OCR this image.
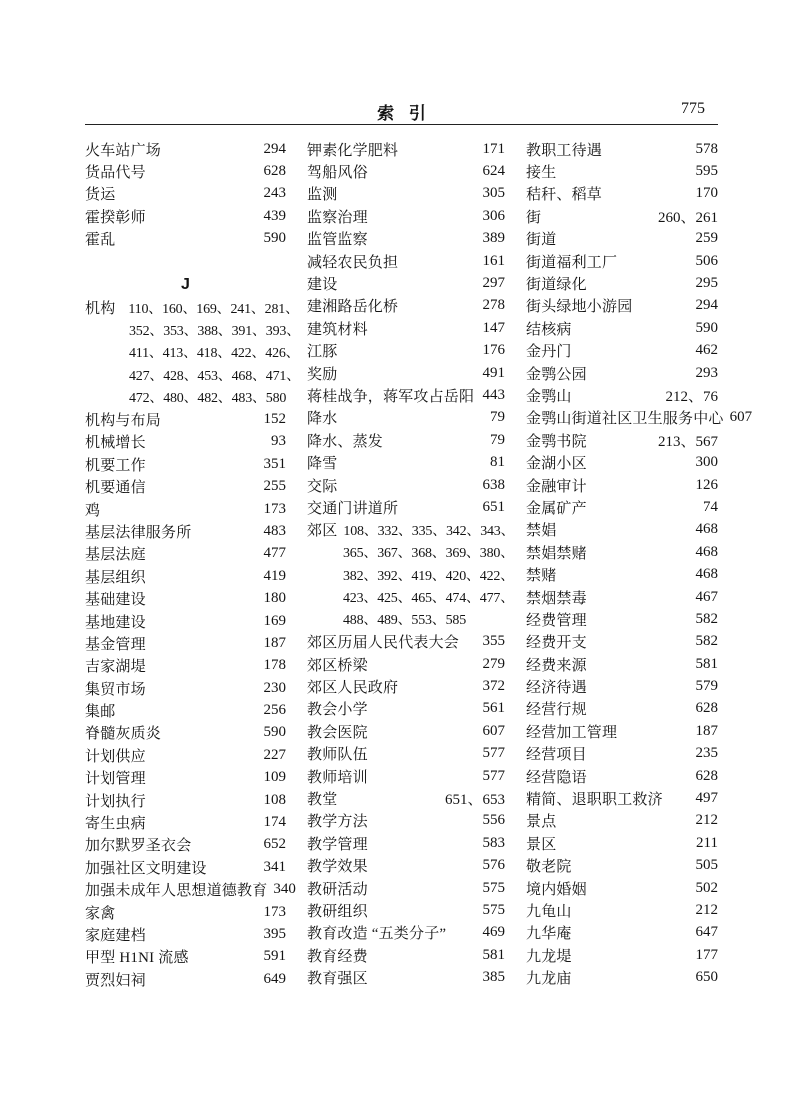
索 引	775
火车站广场	294
货品代号	628
货运	243
霍揆彰师	439
霍乱	590
J
机构 110、160、169、241、281、
352、353、388、391、393、
411、413、418、422、426、
427、428、453、468、471、
472、480、482、483、580
机构与布局	152
机械增长	93
机要工作	351
机要通信	255
鸡	173
基层法律服务所	483
基层法庭	477
基层组织	419
基础建设	180
基地建设	169
基金管理	187
吉家湖堤	178
集贸市场	230
集邮	256
脊髓灰质炎	590
计划供应	227
计划管理	109
计划执行	108
寄生虫病	174
加尔默罗圣衣会	652
加强社区文明建设	341
加强未成年人思想道德教育 340
家禽	173
家庭建档	395
甲型 H1NI 流感	591
贾烈妇祠	649
钾素化学肥料	171
驾船风俗	624
监测	305
监察治理	306
监管监察	389
减轻农民负担	161
建设	297
建湘路岳化桥	278
建筑材料	147
江豚	176
奖励	491
蒋桂战争，蒋军攻占岳阳 443
降水	79
降水、蒸发	79
降雪	81
交际	638
交通门讲道所	651
郊区 108、332、335、342、343、
365、367、368、369、380、
382、392、419、420、422、
423、425、465、474、477、
488、489、553、585
郊区历届人民代表大会 355
郊区桥梁	279
郊区人民政府	372
教会小学	561
教会医院	607
教师队伍	577
教师培训	577
教堂	651、653
教学方法	556
教学管理	583
教学效果	576
教研活动	575
教研组织	575
教育改造 “五类分子” 469
教育经费	581
教育强区	385
教职工待遇	578
接生	595
秸秆、稻草	170
街	260、261
街道	259
街道福利工厂	506
街道绿化	295
街头绿地小游园	294
结核病	590
金丹门	462
金鹗公园	293
金鹗山	212、76
金鹗山街道社区卫生服务中心 607
金鹗书院	213、567
金湖小区	300
金融审计	126
金属矿产	74
禁娼	468
禁娼禁赌	468
禁赌	468
禁烟禁毒	467
经费管理	582
经费开支	582
经费来源	581
经济待遇	579
经营行规	628
经营加工管理	187
经营项目	235
经营隐语	628
精简、退职职工救济 497
景点	212
景区	211
敬老院	505
境内婚姻	502
九龟山	212
九华庵	647
九龙堤	177
九龙庙	650
